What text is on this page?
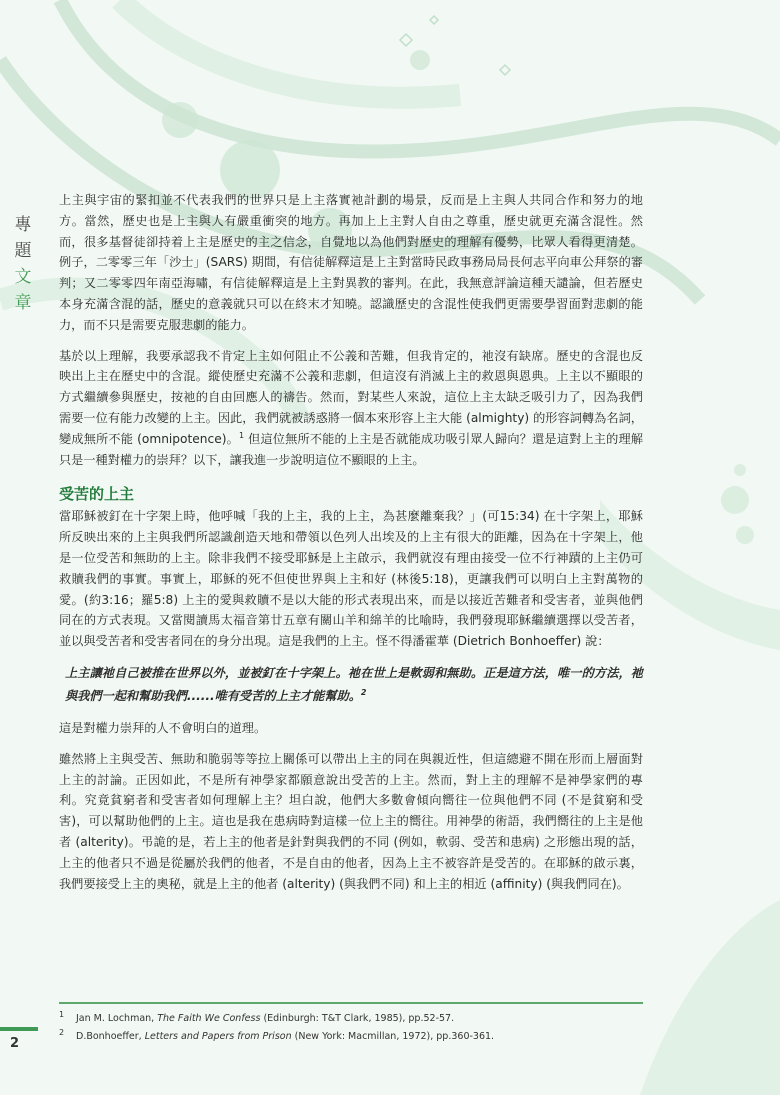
專題
文章

上主與宇宙的緊扣並不代表我們的世界只是上主落實祂計劃的場景，反而是上主與人共同合作和努力的地方。當然，歷史也是上主與人有嚴重衝突的地方。再加上上主對人自由之尊重，歷史就更充滿含混性。然而，很多基督徒卻持着上主是歷史的主之信念，自覺地以為他們對歷史的理解有優勢，比眾人看得更清楚。例子，二零零三年「沙士」(SARS) 期間，有信徒解釋這是上主對當時民政事務局局長何志平向車公拜祭的審判；又二零零四年南亞海嘯，有信徒解釋這是上主對異教的審判。在此，我無意評論這種天譴論，但若歷史本身充滿含混的話，歷史的意義就只可以在終末才知曉。認識歷史的含混性使我們更需要學習面對悲劇的能力，而不只是需要克服悲劇的能力。

基於以上理解，我要承認我不肯定上主如何阻止不公義和苦難，但我肯定的，祂沒有缺席。歷史的含混也反映出上主在歷史中的含混。縱使歷史充滿不公義和悲劇，但這沒有消滅上主的救恩與恩典。上主以不顯眼的方式繼續參與歷史，按祂的自由回應人的禱告。然而，對某些人來說，這位上主太缺乏吸引力了，因為我們需要一位有能力改變的上主。因此，我們就被誘惑將一個本來形容上主大能 (almighty) 的形容詞轉為名詞，變成無所不能 (omnipotence)。$^1$ 但這位無所不能的上主是否就能成功吸引眾人歸向？還是這對上主的理解只是一種對權力的崇拜？以下，讓我進一步說明這位不顯眼的上主。

受苦的上主

當耶穌被釘在十字架上時，他呼喊「我的上主，我的上主，為甚麼離棄我？」(可15:34) 在十字架上，耶穌所反映出來的上主與我們所認識創造天地和帶領以色列人出埃及的上主有很大的距離，因為在十字架上，他是一位受苦和無助的上主。除非我們不接受耶穌是上主啟示，我們就沒有理由接受一位不行神蹟的上主仍可救贖我們的事實。事實上，耶穌的死不但使世界與上主和好 (林後5:18)，更讓我們可以明白上主對萬物的愛。(約3:16；羅5:8) 上主的愛與救贖不是以大能的形式表現出來，而是以接近苦難者和受害者，並與他們同在的方式表現。又當閱讀馬太福音第廿五章有關山羊和綿羊的比喻時，我們發現耶穌繼續選擇以受苦者，並以與受苦者和受害者同在的身分出現。這是我們的上主。怪不得潘霍華 (Dietrich Bonhoeffer) 說：

上主讓祂自己被推在世界以外，並被釘在十字架上。祂在世上是軟弱和無助。正是這方法，唯一的方法，祂與我們一起和幫助我們......唯有受苦的上主才能幫助。$^2$

這是對權力崇拜的人不會明白的道理。

雖然將上主與受苦、無助和脆弱等等拉上關係可以帶出上主的同在與親近性，但這總避不開在形而上層面對上主的討論。正因如此，不是所有神學家都願意說出受苦的上主。然而，對上主的理解不是神學家們的專利。究竟貧窮者和受害者如何理解上主？坦白說，他們大多數會傾向嚮往一位與他們不同 (不是貧窮和受害)，可以幫助他們的上主。這也是我在患病時對這樣一位上主的嚮往。用神學的術語，我們嚮往的上主是他者 (alterity)。弔詭的是，若上主的他者是針對與我們的不同 (例如，軟弱、受苦和患病) 之形態出現的話，上主的他者只不過是從屬於我們的他者，不是自由的他者，因為上主不被容許是受苦的。在耶穌的啟示裏，我們要接受上主的奧秘，就是上主的他者 (alterity) (與我們不同) 和上主的相近 (affinity) (與我們同在)。

1 Jan M. Lochman, The Faith We Confess (Edinburgh: T&T Clark, 1985), pp.52-57.
2 D.Bonhoeffer, Letters and Papers from Prison (New York: Macmillan, 1972), pp.360-361.
2
